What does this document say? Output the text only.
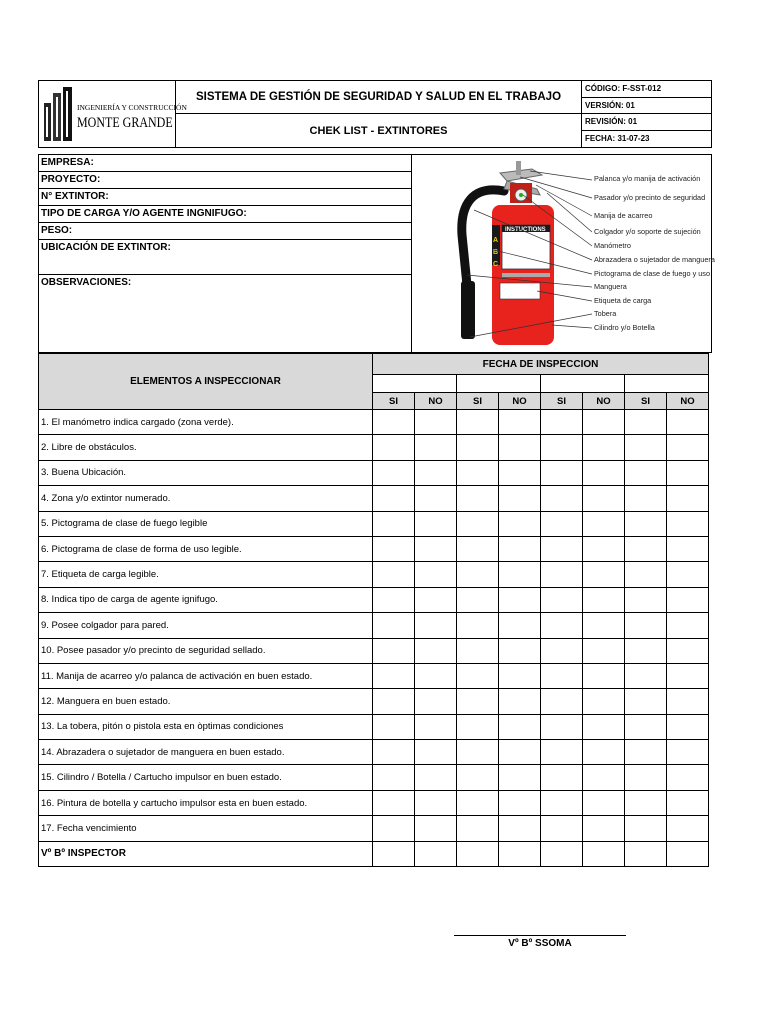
INGENIERÍA Y CONSTRUCCIÓN
MONTE GRANDE
SISTEMA DE GESTIÓN DE SEGURIDAD Y SALUD EN EL TRABAJO
CHEK LIST - EXTINTORES
CÓDIGO: F-SST-012
VERSIÓN: 01
REVISIÓN: 01
FECHA: 31-07-23
EMPRESA:
PROYECTO:
N° EXTINTOR:
TIPO DE CARGA Y/O AGENTE INGNIFUGO:
PESO:
UBICACIÓN DE EXTINTOR:
OBSERVACIONES:
INSTUCTIONS
A
B
C
Palanca y/o manija de activación
Pasador y/o precinto de seguridad
Manija de acarreo
Colgador y/o soporte de sujeción
Manómetro
Abrazadera o sujetador de manguera
Pictograma de clase de fuego y uso
Manguera
Etiqueta de carga
Tobera
Cilindro y/o Botella
ELEMENTOS A INSPECCIONAR	FECHA DE INSPECCION							

	SI	NO	SI	NO	SI	NO	SI	NO
1. El manómetro indica cargado (zona verde).								
2. Libre de obstáculos.								
3. Buena Ubicación.								
4. Zona y/o extintor numerado.								
5. Pictograma de clase de fuego legible								
6. Pictograma de clase de forma de uso legible.								
7. Etiqueta de carga legible.								
8. Indica tipo de carga de agente ignifugo.								
9. Posee colgador para pared.								
10. Posee pasador y/o precinto de seguridad sellado.								
11. Manija de acarreo y/o palanca de activación en buen estado.								
12. Manguera en buen estado.								
13. La tobera, pitón o pistola esta en òptimas condiciones								
14. Abrazadera o sujetador de manguera en buen estado.								
15. Cilindro / Botella / Cartucho impulsor en buen estado.								
16. Pintura de botella y cartucho impulsor esta en buen estado.								
17. Fecha vencimiento								
Vº Bº INSPECTOR								
Vº Bº SSOMA
